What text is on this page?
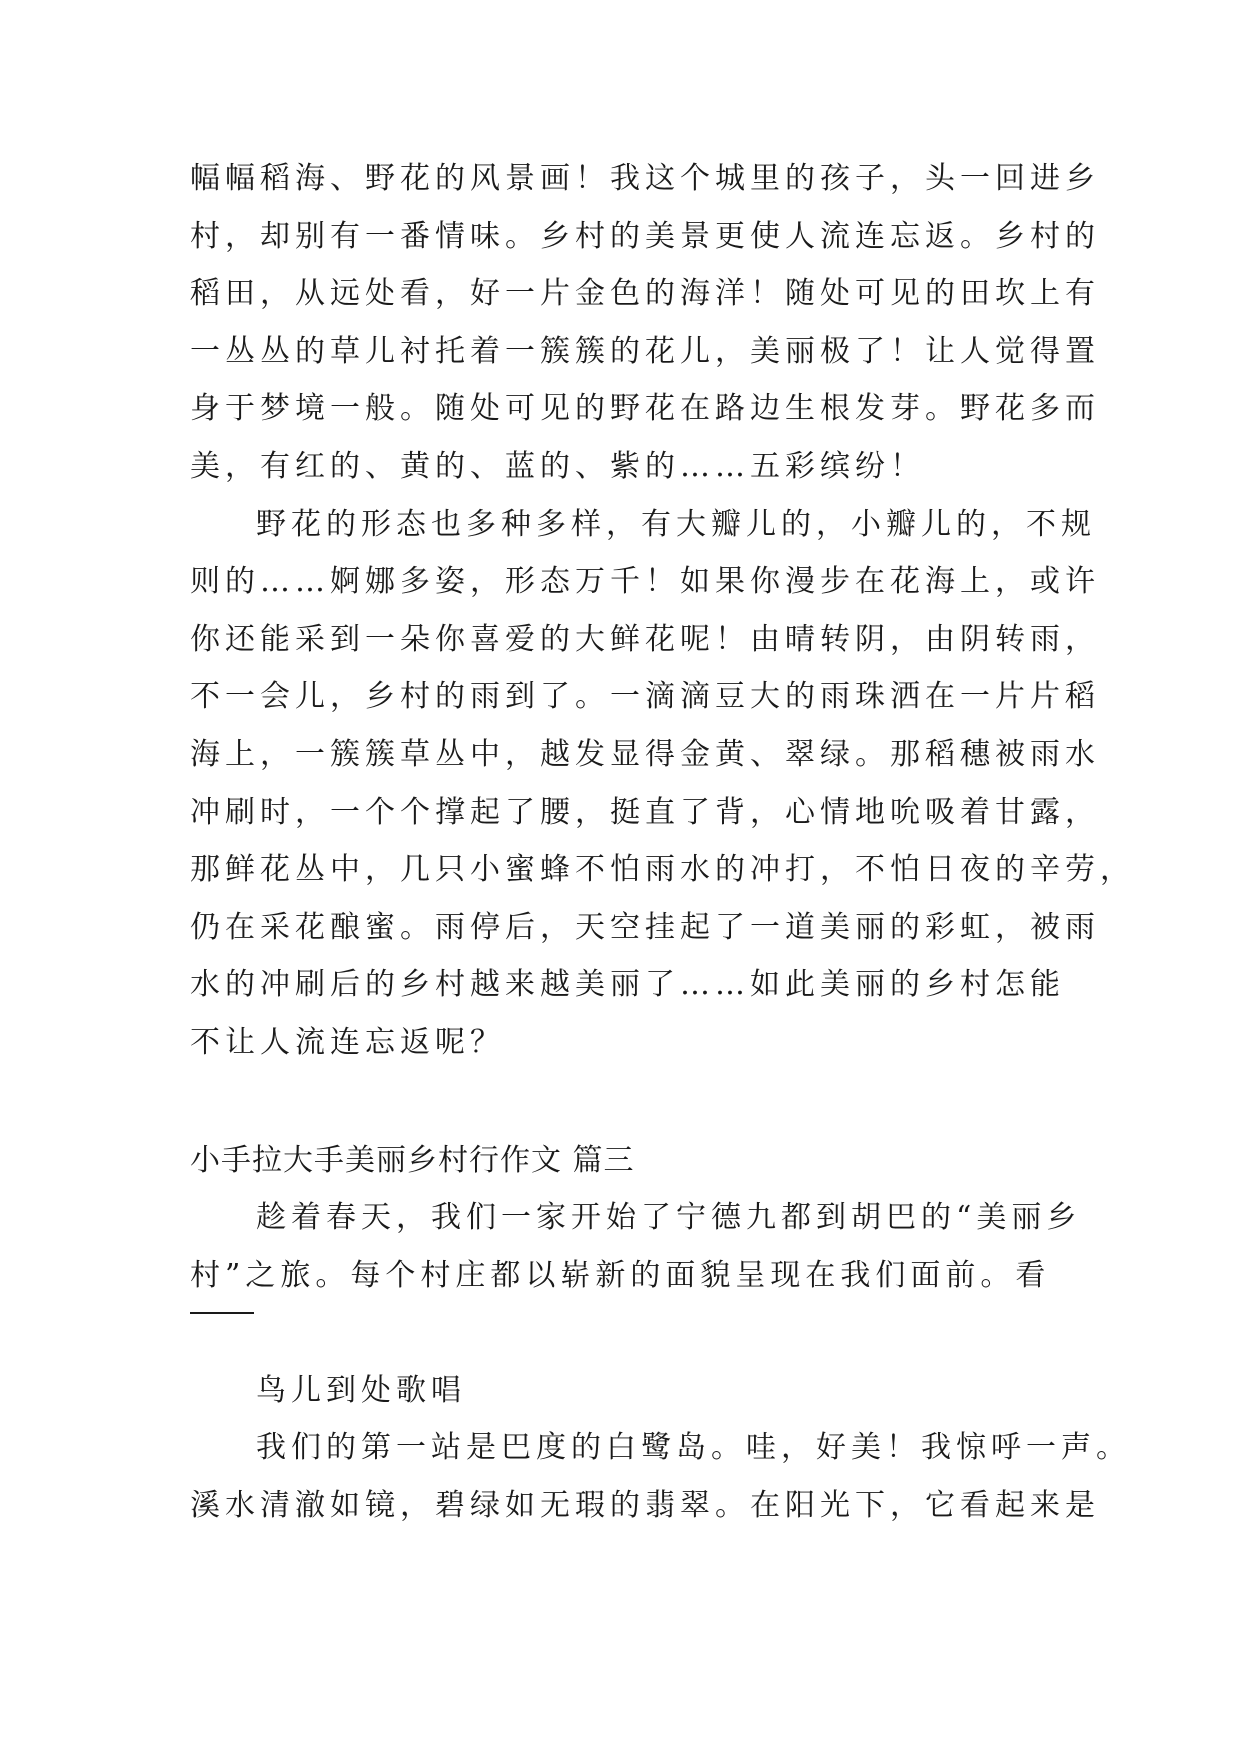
幅幅稻海、野花的风景画！我这个城里的孩子，头一回进乡
村，却别有一番情味。乡村的美景更使人流连忘返。乡村的
稻田，从远处看，好一片金色的海洋！随处可见的田坎上有
一丛丛的草儿衬托着一簇簇的花儿，美丽极了！让人觉得置
身于梦境一般。随处可见的野花在路边生根发芽。野花多而
美，有红的、黄的、蓝的、紫的……五彩缤纷！
野花的形态也多种多样，有大瓣儿的，小瓣儿的，不规
则的……婀娜多姿，形态万千！如果你漫步在花海上，或许
你还能采到一朵你喜爱的大鲜花呢！由晴转阴，由阴转雨，
不一会儿，乡村的雨到了。一滴滴豆大的雨珠洒在一片片稻
海上，一簇簇草丛中，越发显得金黄、翠绿。那稻穗被雨水
冲刷时，一个个撑起了腰，挺直了背，心情地吮吸着甘露，
那鲜花丛中，几只小蜜蜂不怕雨水的冲打，不怕日夜的辛劳，
仍在采花酿蜜。雨停后，天空挂起了一道美丽的彩虹，被雨
水的冲刷后的乡村越来越美丽了……如此美丽的乡村怎能
不让人流连忘返呢？
小手拉大手美丽乡村行作文 篇三
趁着春天，我们一家开始了宁德九都到胡巴的“美丽乡
村”之旅。每个村庄都以崭新的面貌呈现在我们面前。看
鸟儿到处歌唱
我们的第一站是巴度的白鹭岛。哇，好美！我惊呼一声。
溪水清澈如镜，碧绿如无瑕的翡翠。在阳光下，它看起来是
